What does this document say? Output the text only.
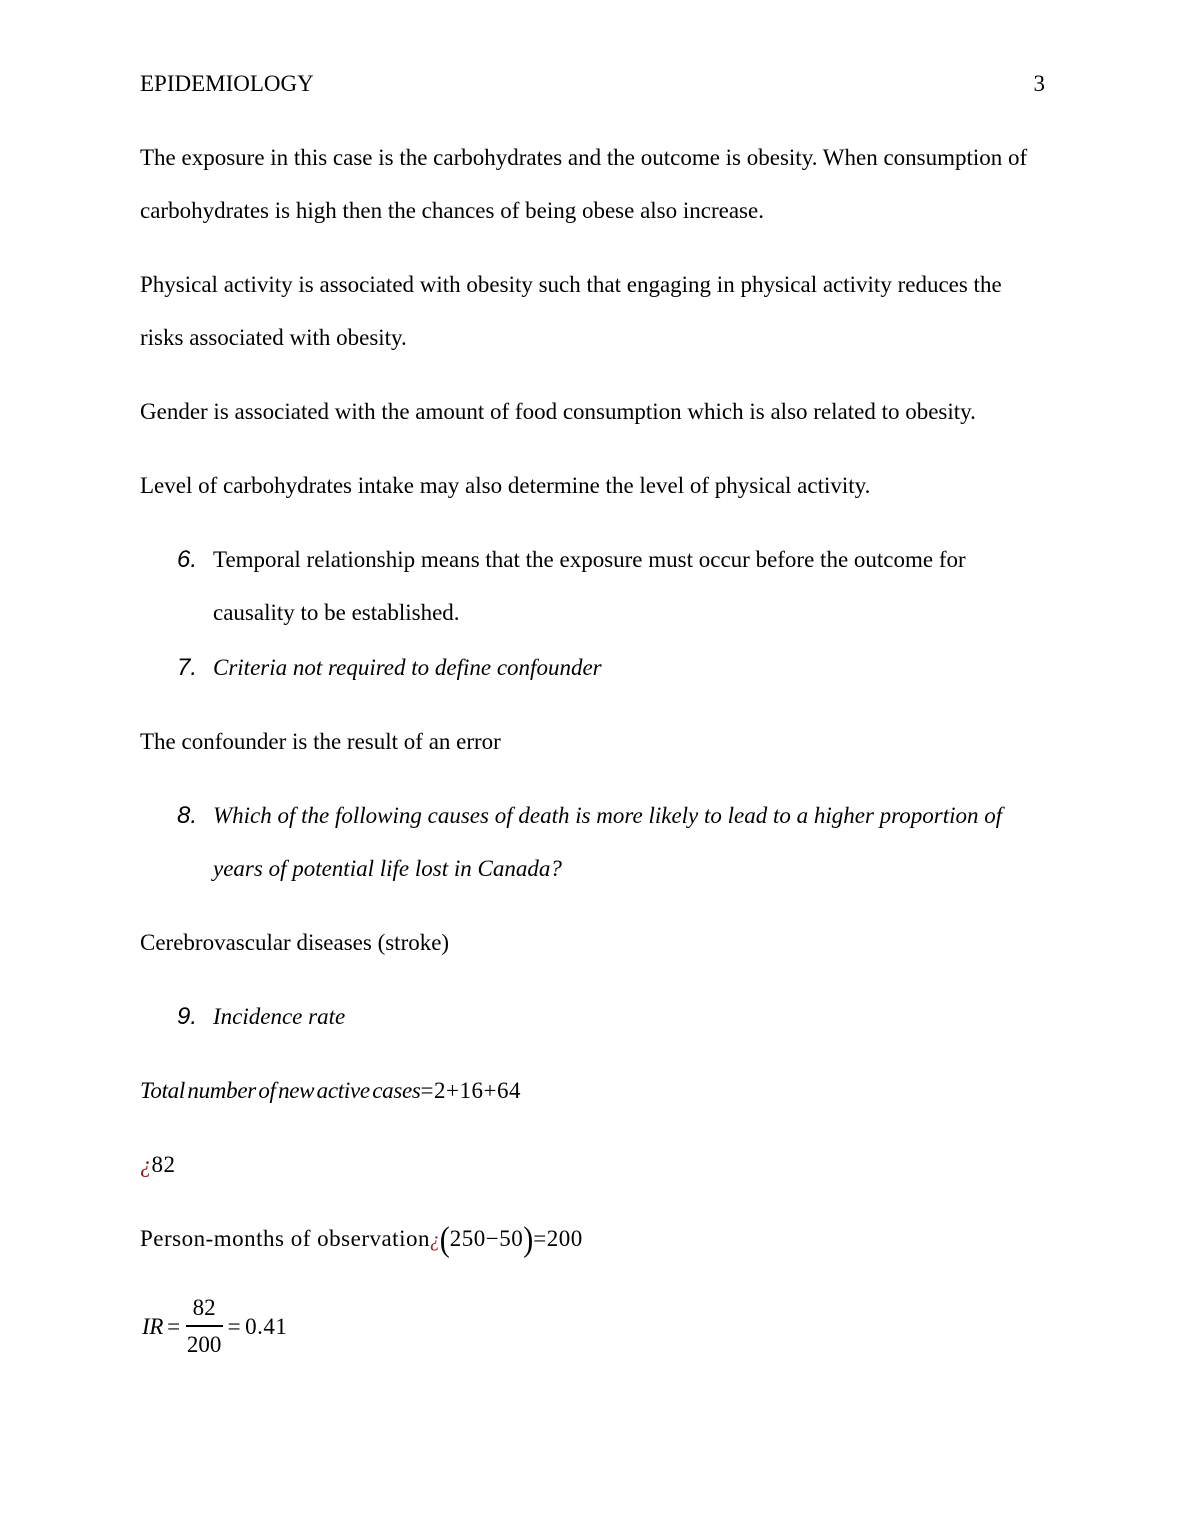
EPIDEMIOLOGY	3

The exposure in this case is the carbohydrates and the outcome is obesity. When consumption of
carbohydrates is high then the chances of being obese also increase.

Physical activity is associated with obesity such that engaging in physical activity reduces the
risks associated with obesity.

Gender is associated with the amount of food consumption which is also related to obesity.

Level of carbohydrates intake may also determine the level of physical activity.

6. Temporal relationship means that the exposure must occur before the outcome for
causality to be established.
7. Criteria not required to define confounder

The confounder is the result of an error

8. Which of the following causes of death is more likely to lead to a higher proportion of
years of potential life lost in Canada?

Cerebrovascular diseases (stroke)

9. Incidence rate
Total number of new active cases=2+16+64
¿82
Person-months of observation¿(250−50)=200
IR = $\frac{82}{200} = 0.41$
